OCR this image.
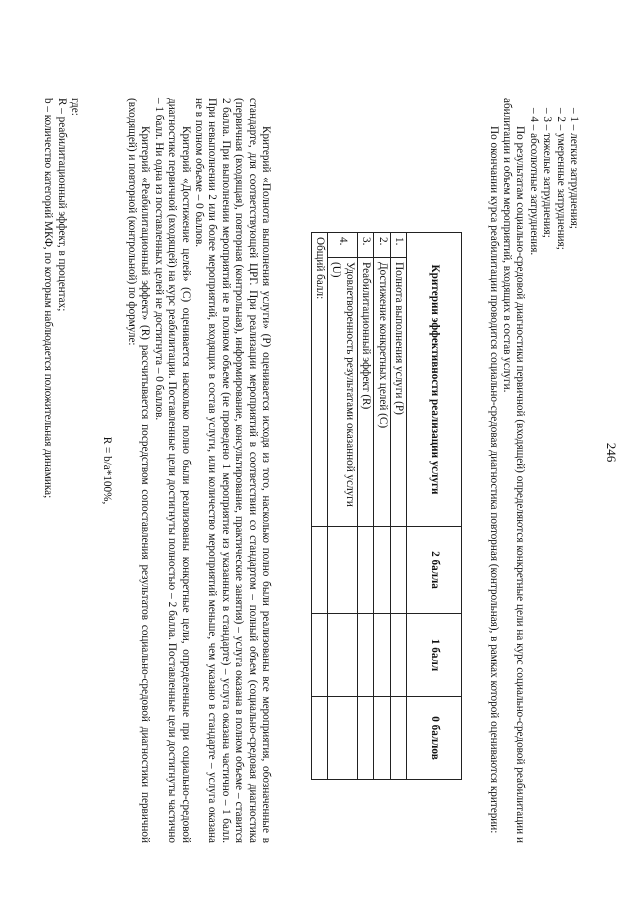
246

– 1 – легкие затруднения;

– 2 – умеренные затруднения;

– 3 – тяжелые затруднения;

– 4 – абсолютные затруднения.

По результатам социально-средовой диагностики первичной (входящей) определяются конкретные цели на курс социально-средовой реабилитации и абилитации и объем мероприятий, входящих в состав услуги.

По окончании курса реабилитации проводится социально-средовая диагностика повторная (контрольная), в рамках которой оцениваются критерии:

Критерии эффективности реализации услуги		2 балла	1 балл	0 баллов
1.	Полнота выполнения услуги (Р)			
2.	Достижение конкретных целей (С)			
3.	Реабилитационный эффект (R)			
4.	Удовлетворенность результатами оказанной услуги (U)			
Общий балл:				

Критерий «Полнота выполнения услуги» (Р) оценивается исходя из того, насколько полно были реализованы все мероприятия, обозначенные в стандарте, для соответствующей ЦРГ. При реализации мероприятий в соответствии со стандартом – полный объем (социально-средовая диагностика (первичная (входящая), повторная (контрольная), информирование, консультирование, практические занятия) – услуга оказана в полном объеме – ставится 2 балла. При выполнении мероприятий не в полном объеме (не проведено 1 мероприятие из указанных в стандарте) – услуга оказана частично – 1 балл. При невыполнении 2 или более мероприятий, входящих в состав услуги, или количество мероприятий меньше, чем указано в стандарте – услуга оказана не в полном объеме – 0 баллов.

Критерий «Достижение целей» (С) оценивается насколько полно были реализованы конкретные цели, определенные при социально-средовой диагностике первичной (входящей) на курс реабилитации. Поставленные цели достигнуты полностью – 2 балла. Поставленные цели достигнуты частично – 1 балл. Ни одна из поставленных целей не достигнута – 0 баллов.

Критерий «Реабилитационный эффект» (R) рассчитывается посредством сопоставления результатов социально-средовой диагностики первичной (входящей) и повторной (контрольной) по формуле:

R = b/a*100%,

где:

R – реабилитационный эффект, в процентах;

b – количество категорий МКФ, по которым наблюдается положительная динамика;
